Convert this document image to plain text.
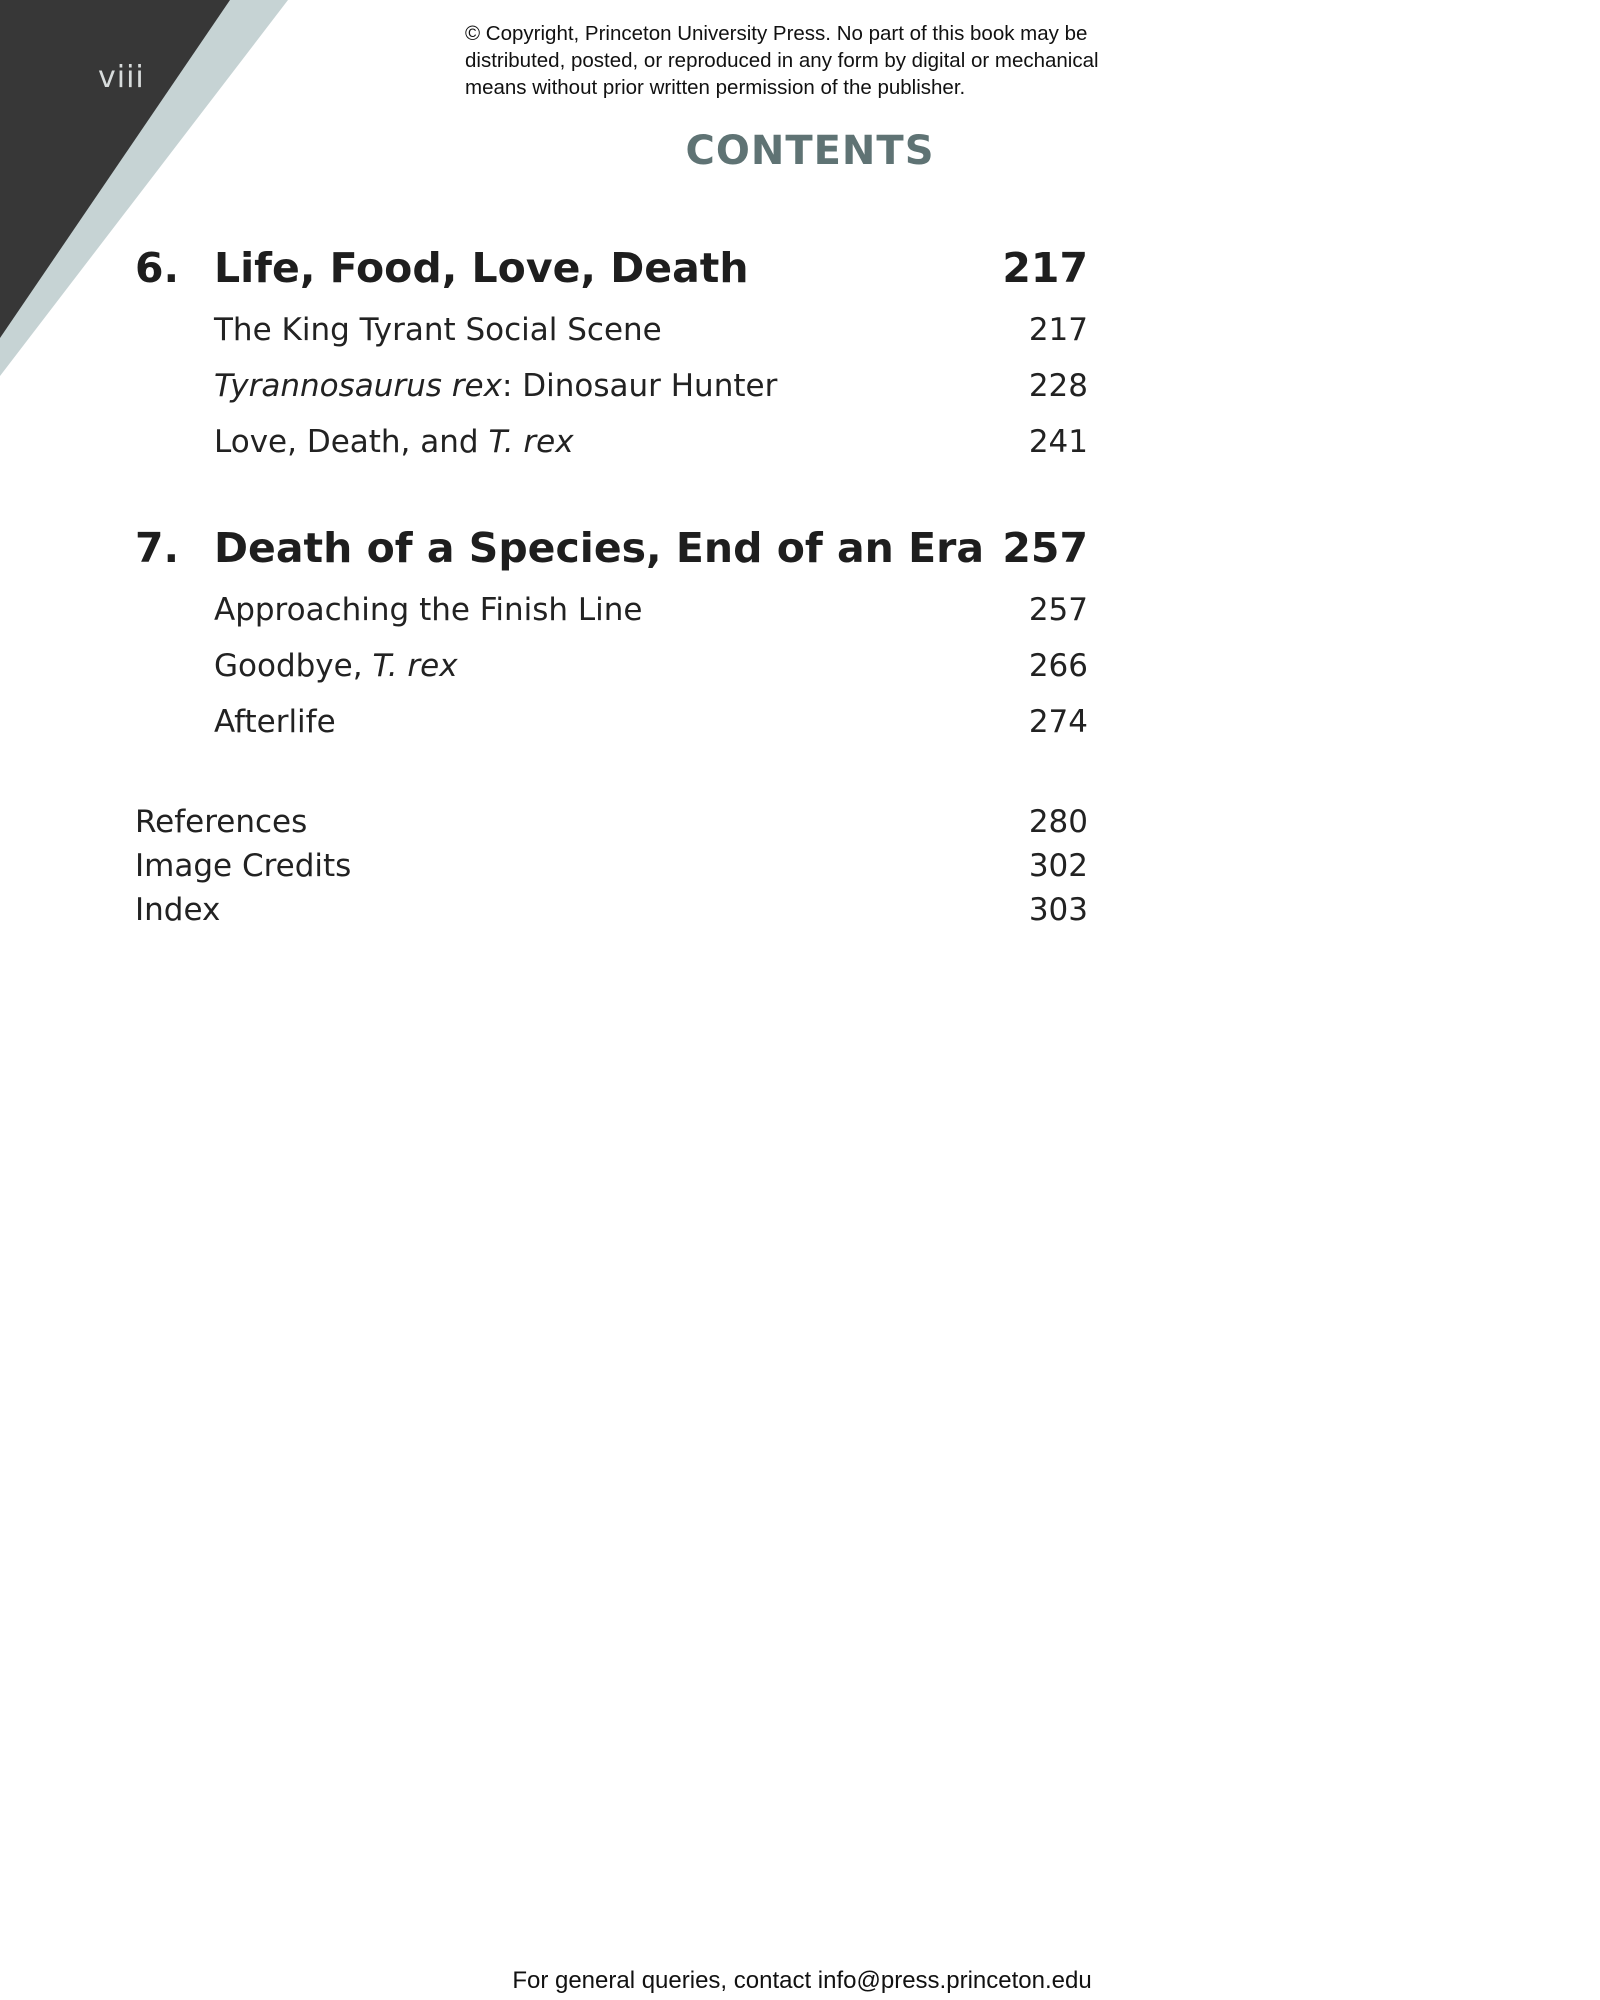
viii
© Copyright, Princeton University Press. No part of this book may be
distributed, posted, or reproduced in any form by digital or mechanical
means without prior written permission of the publisher.
CONTENTS
6. Life, Food, Love, Death	217
The King Tyrant Social Scene	217
Tyrannosaurus rex: Dinosaur Hunter	228
Love, Death, and T. rex	241
7. Death of a Species, End of an Era 257
Approaching the Finish Line	257
Goodbye, T. rex	266
Afterlife	274
References	280
Image Credits	302
Index	303
For general queries, contact info@press.princeton.edu
